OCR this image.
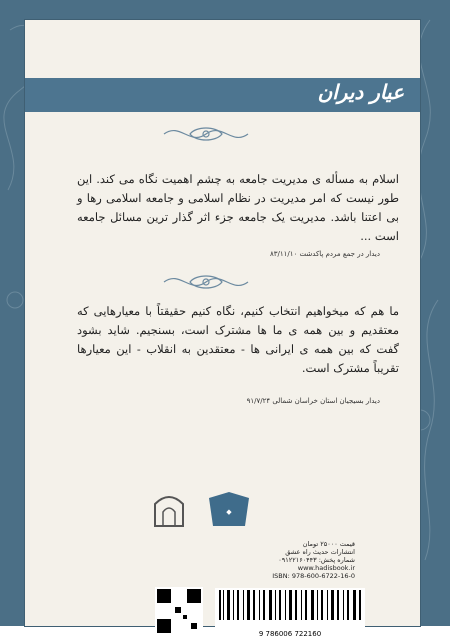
عیار دیران

اسلام به مسأله ی مدیریت جامعه به چشم اهمیت نگاه می کند. این طور نیست که امر مدیریت در نظام اسلامی و جامعه اسلامی رها و بی اعتنا باشد. مدیریت یک جامعه جزء اثر گذار ترین مسائل جامعه است ...

دیدار در جمع مردم پاکدشت ۸۳/۱۱/۱۰

ما هم که میخواهیم انتخاب کنیم، نگاه کنیم حقیقتاً با معیارهایی که معتقدیم و بین همه ی ما ها مشترک است، بسنجیم. شاید بشود گفت که بین همه ی ایرانی ها - معتقدین به انقلاب - این معیارها تقریباً مشترک است.

دیدار بسیجیان استان خراسان شمالی ۹۱/۷/۲۴
◆
قیمت ۲۵۰۰۰ تومان
انتشارات حدیث راه عشق
شماره پخش: ۰۹۱۲۲۱۶۰۴۴۳
www.hadisbook.ir
ISBN: 978-600-6722-16-0
9 786006 722160
